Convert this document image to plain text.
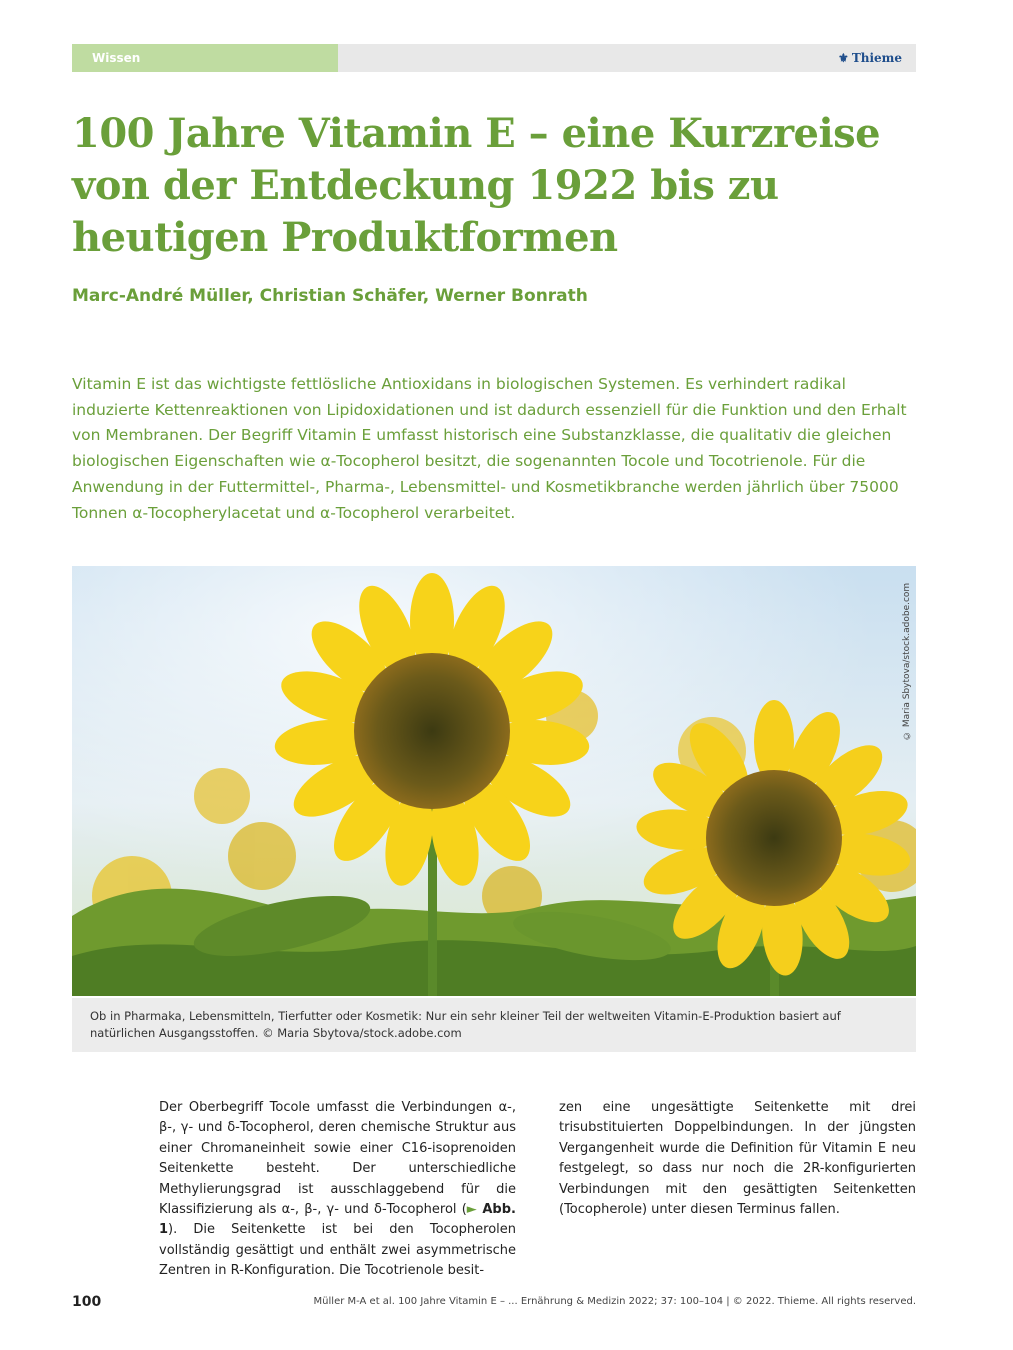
Wissen	⚜ Thieme
100 Jahre Vitamin E – eine Kurzreise von der Entdeckung 1922 bis zu heutigen Produktformen
Marc-André Müller, Christian Schäfer, Werner Bonrath

Vitamin E ist das wichtigste fettlösliche Antioxidans in biologischen Systemen. Es verhindert radikal induzierte Kettenreaktionen von Lipidoxidationen und ist dadurch essenziell für die Funktion und den Erhalt von Membranen. Der Begriff Vitamin E umfasst historisch eine Substanzklasse, die qualitativ die gleichen biologischen Eigenschaften wie α-Tocopherol besitzt, die sogenannten Tocole und Tocotrienole. Für die Anwendung in der Futtermittel-, Pharma-, Lebensmittel- und Kosmetikbranche werden jährlich über 75000 Tonnen α-Tocopherylacetat und α-Tocopherol verarbeitet.

© Maria Sbytova/stock.adobe.com
Ob in Pharmaka, Lebensmitteln, Tierfutter oder Kosmetik: Nur ein sehr kleiner Teil der weltweiten Vitamin-E-Produktion basiert auf natürlichen Ausgangsstoffen. © Maria Sbytova/stock.adobe.com
Der Oberbegriff Tocole umfasst die Verbindungen α-, β-, γ- und δ-Tocopherol, deren chemische Struktur aus einer Chromaneinheit sowie einer C16-isoprenoiden Seitenkette besteht. Der unterschiedliche Methylierungsgrad ist ausschlaggebend für die Klassifizierung als α-, β-, γ- und δ-Tocopherol (► Abb. 1). Die Seitenkette ist bei den Tocopherolen vollständig gesättigt und enthält zwei asymmetrische Zentren in R-Konfiguration. Die Tocotrienole besit-
zen eine ungesättigte Seitenkette mit drei trisubstituierten Doppelbindungen. In der jüngsten Vergangenheit wurde die Definition für Vitamin E neu festgelegt, so dass nur noch die 2R-konfigurierten Verbindungen mit den gesättigten Seitenketten (Tocopherole) unter diesen Terminus fallen.
100	Müller M-A et al. 100 Jahre Vitamin E – ... Ernährung & Medizin 2022; 37: 100–104 | © 2022. Thieme. All rights reserved.
